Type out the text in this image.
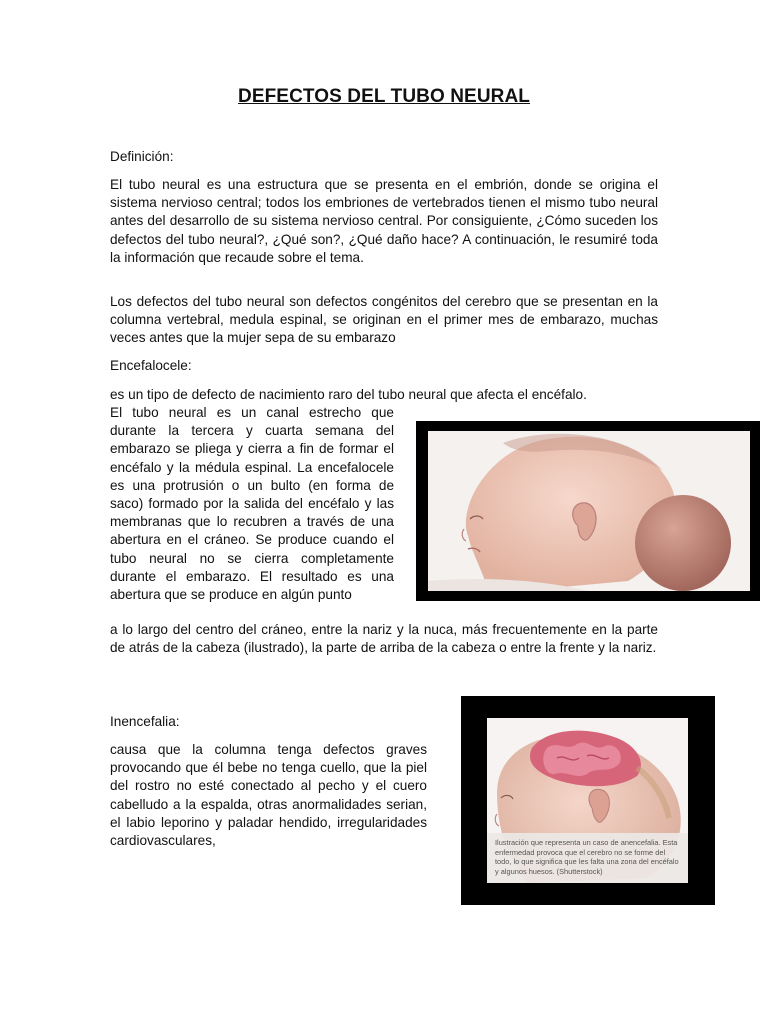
DEFECTOS DEL TUBO NEURAL

Definición:

El tubo neural es una estructura que se presenta en el embrión, donde se origina el sistema nervioso central; todos los embriones de vertebrados tienen el mismo tubo neural antes del desarrollo de su sistema nervioso central. Por consiguiente, ¿Cómo suceden los defectos del tubo neural?, ¿Qué son?, ¿Qué daño hace? A continuación, le resumiré toda la información que recaude sobre el tema.

Los defectos del tubo neural son defectos congénitos del cerebro que se presentan en la columna vertebral, medula espinal, se originan en el primer mes de embarazo, muchas veces antes que la mujer sepa de su embarazo

Encefalocele:

es un tipo de defecto de nacimiento raro del tubo neural que afecta el encéfalo.

El tubo neural es un canal estrecho que durante la tercera y cuarta semana del embarazo se pliega y cierra a fin de formar el encéfalo y la médula espinal. La encefalocele es una protrusión o un bulto (en forma de saco) formado por la salida del encéfalo y las membranas que lo recubren a través de una abertura en el cráneo. Se produce cuando el tubo neural no se cierra completamente durante el embarazo. El resultado es una abertura que se produce en algún punto

a lo largo del centro del cráneo, entre la nariz y la nuca, más frecuentemente en la parte de atrás de la cabeza (ilustrado), la parte de arriba de la cabeza o entre la frente y la nariz.

Inencefalia:

causa que la columna tenga defectos graves provocando que él bebe no tenga cuello, que la piel del rostro no esté conectado al pecho y el cuero cabelludo a la espalda, otras anormalidades serian, el labio leporino y paladar hendido, irregularidades cardiovasculares,	Ilustración que representa un caso de anencefalia. Esta enfermedad provoca que el cerebro no se forme del todo, lo que significa que les falta una zona del encéfalo y algunos huesos. (Shutterstock)
